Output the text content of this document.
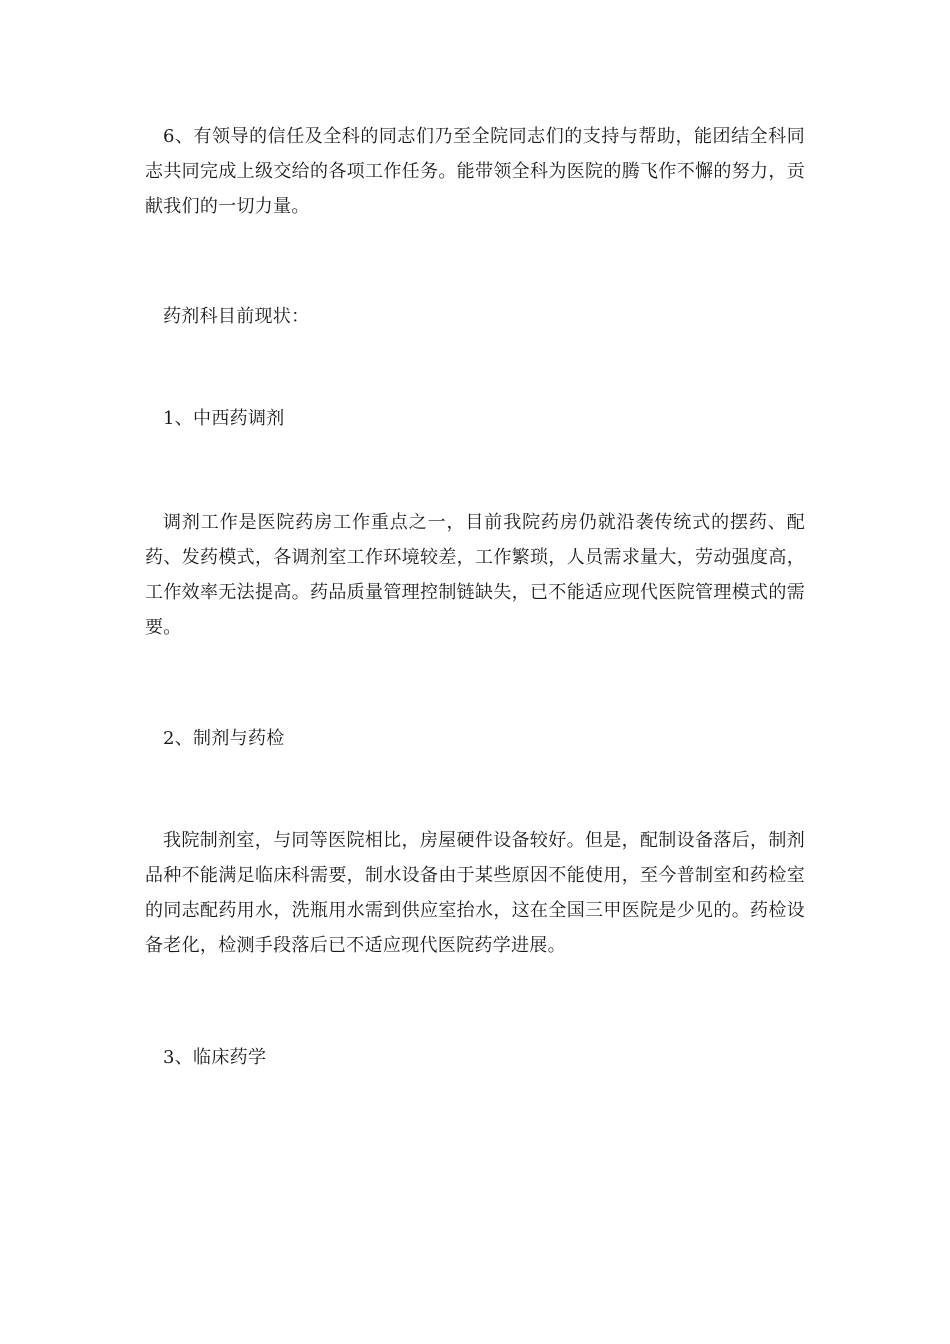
6、有领导的信任及全科的同志们乃至全院同志们的支持与帮助，能团结全科同志共同完成上级交给的各项工作任务。能带领全科为医院的腾飞作不懈的努力，贡献我们的一切力量。

药剂科目前现状：

1、中西药调剂

调剂工作是医院药房工作重点之一，目前我院药房仍就沿袭传统式的摆药、配药、发药模式，各调剂室工作环境较差，工作繁琐，人员需求量大，劳动强度高，工作效率无法提高。药品质量管理控制链缺失，已不能适应现代医院管理模式的需要。

2、制剂与药检

我院制剂室，与同等医院相比，房屋硬件设备较好。但是，配制设备落后，制剂品种不能满足临床科需要，制水设备由于某些原因不能使用，至今普制室和药检室的同志配药用水，洗瓶用水需到供应室抬水，这在全国三甲医院是少见的。药检设备老化，检测手段落后已不适应现代医院药学进展。

3、临床药学
